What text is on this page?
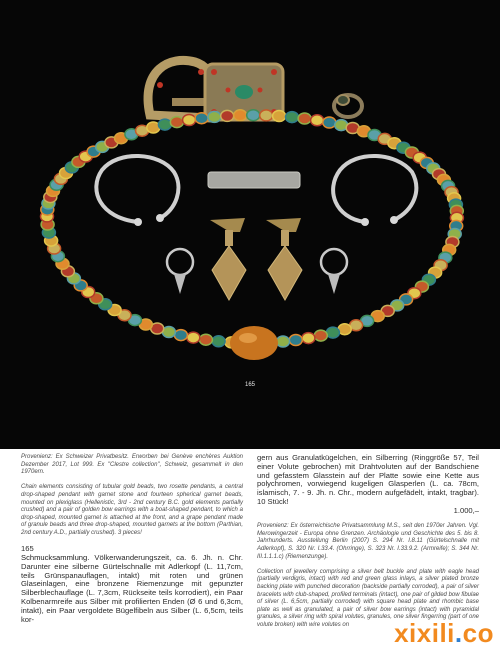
165

Provenienz: Ex Schweizer Privatbesitz. Erworben bei Genève enchères Auktion Dezember 2017, Lot 999. Ex "Clestre collection", Schweiz, gesammelt in den 1970ern.

Chain elements consisting of tubular gold beads, two rosette pendants, a central drop-shaped pendant with garnet stone and fourteen spherical garnet beads, mounted on plexiglass (Hellenistic, 3rd - 2nd century B.C. gold elements partially crushed) and a pair of golden bow earrings with a boat-shaped pendant, to which a drop-shaped, mounted garnet is attached at the front, and a grape pendant made of granule beads and three drop-shaped, mounted garnets at the bottom (Parthian, 2nd century A.D., partially crushed). 3 pieces!

165

Schmucksammlung. Völkerwanderungszeit, ca. 6. Jh. n. Chr. Darunter eine silberne Gürtelschnalle mit Adlerkopf (L. 11,7cm, teils Grünspanauflagen, intakt) mit roten und grünen Glaseinlagen, eine bronzene Riemenzunge mit gepunzter Silberblechauflage (L. 7,3cm, Rückseite teils korrodiert), ein Paar Kolbenarmreife aus Silber mit profilierten Enden (Ø 6 und 6,3cm, intakt), ein Paar vergoldete Bügelfibeln aus Silber (L. 6,5cm, teils kor-

gern aus Granulatkügelchen, ein Silberring (Ringgröße 57, Teil einer Volute gebrochen) mit Drahtvoluten auf der Bandschiene und gefasstem Glasstein auf der Platte sowie eine Kette aus polychromen, vorwiegend kugeligen Glasperlen (L. ca. 78cm, islamisch, 7. - 9. Jh. n. Chr., modern aufgefädelt, intakt, tragbar). 10 Stück!

1.000,–

Provenienz: Ex österreichische Privatsammlung M.S., seit den 1970er Jahren. Vgl. Merowingerzeit - Europa ohne Grenzen. Archäologie und Geschichte des 5. bis 8. Jahrhunderts. Ausstellung Berlin (2007) S. 294 Nr. I.8.11 (Gürtelschnalle mit Adlerkopf), S. 320 Nr. I.33.4. (Ohrringe), S. 323 Nr. I.33.9.2. (Armreife); S. 344 Nr. III.1.1.1.c) (Riemenzunge).

Collection of jewellery comprising a silver belt buckle and plate with eagle head (partially verdigris, intact) with red and green glass inlays, a silver plated bronze backing plate with punched decoration (backside partially corroded), a pair of silver bracelets with club-shaped, profiled terminals (intact), one pair of gilded bow fibulae of silver (L. 6,5cm, partially corroded) with square head plate and rhombic base plate as well as granulated, a pair of silver bow earrings (intact) with pyramidal granules, a silver ring with spiral volutes, granules, one silver fingerring (part of one volute broken) with wire volutes on	xixili.co
